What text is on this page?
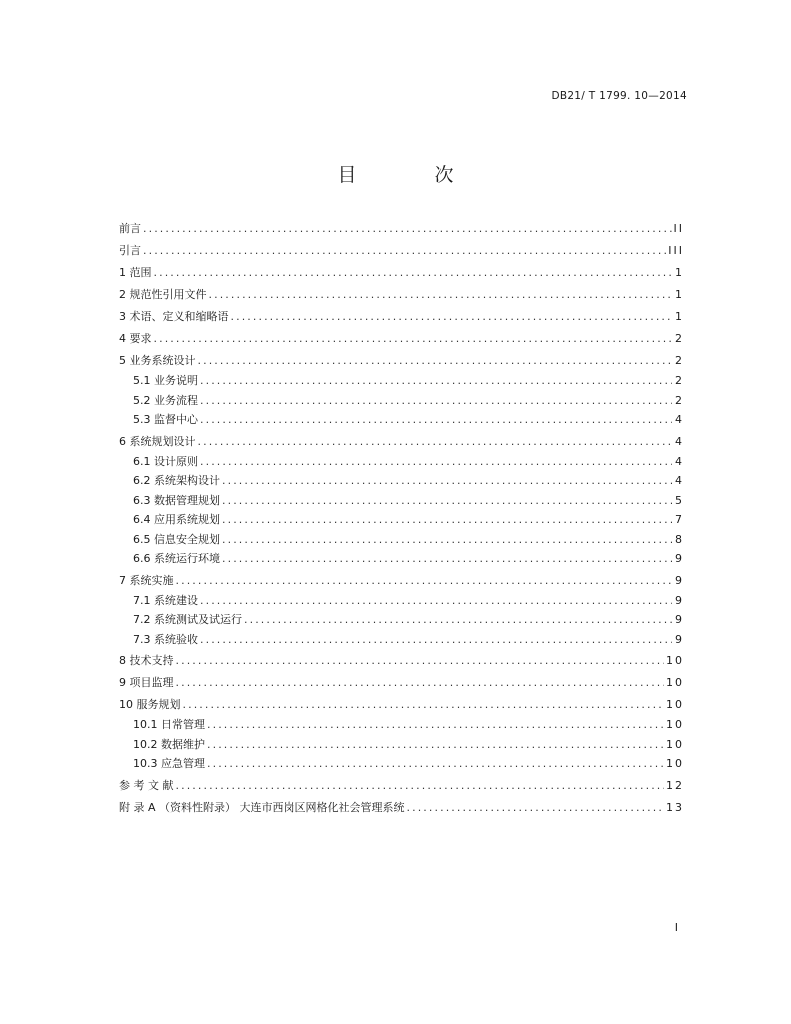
DB21/ T 1799. 10—2014
目 次
前言 .....	II
引言 .....	III
1 范围 .....	1
2 规范性引用文件 .....	1
3 术语、定义和缩略语 .....	1
4 要求 .....	2
5 业务系统设计 .....	2
5.1 业务说明 .....	2
5.2 业务流程 .....	2
5.3 监督中心 .....	4
6 系统规划设计 .....	4
6.1 设计原则 .....	4
6.2 系统架构设计 .....	4
6.3 数据管理规划 .....	5
6.4 应用系统规划 .....	7
6.5 信息安全规划 .....	8
6.6 系统运行环境 .....	9
7 系统实施 .....	9
7.1 系统建设 .....	9
7.2 系统测试及试运行 .....	9
7.3 系统验收 .....	9
8 技术支持 .....	10
9 项目监理 .....	10
10 服务规划 .....	10
10.1 日常管理 .....	10
10.2 数据维护 .....	10
10.3 应急管理 .....	10
参 考 文 献 .....	12
附 录 A （资料性附录） 大连市西岗区网格化社会管理系统 .....	13
I
